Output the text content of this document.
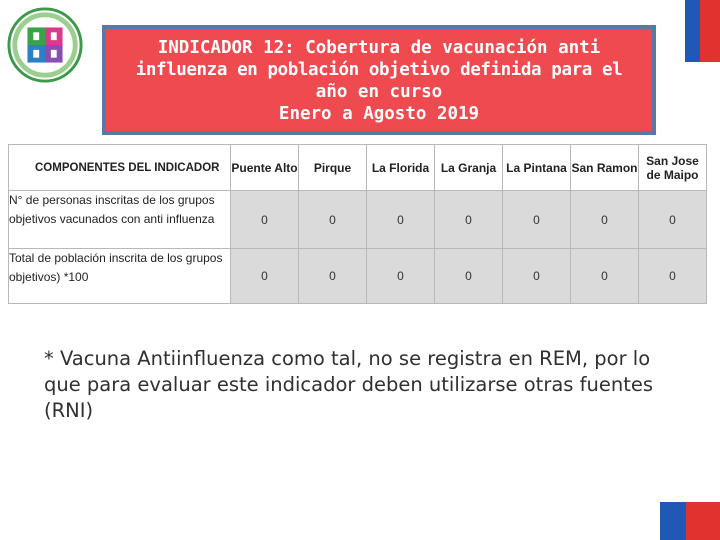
INDICADOR 12: Cobertura de vacunación anti
influenza en población objetivo definida para el
año en curso
Enero a Agosto 2019
COMPONENTES DEL INDICADOR	Puente Alto	Pirque	La Florida	La Granja	La Pintana	San Ramon	San Jose de Maipo
N° de personas inscritas de los grupos objetivos vacunados con anti influenza	0	0	0	0	0	0	0
Total de población inscrita de los grupos objetivos) *100	0	0	0	0	0	0	0
* Vacuna Antiinfluenza como tal, no se registra en REM, por lo que para evaluar este indicador deben utilizarse otras fuentes (RNI)
